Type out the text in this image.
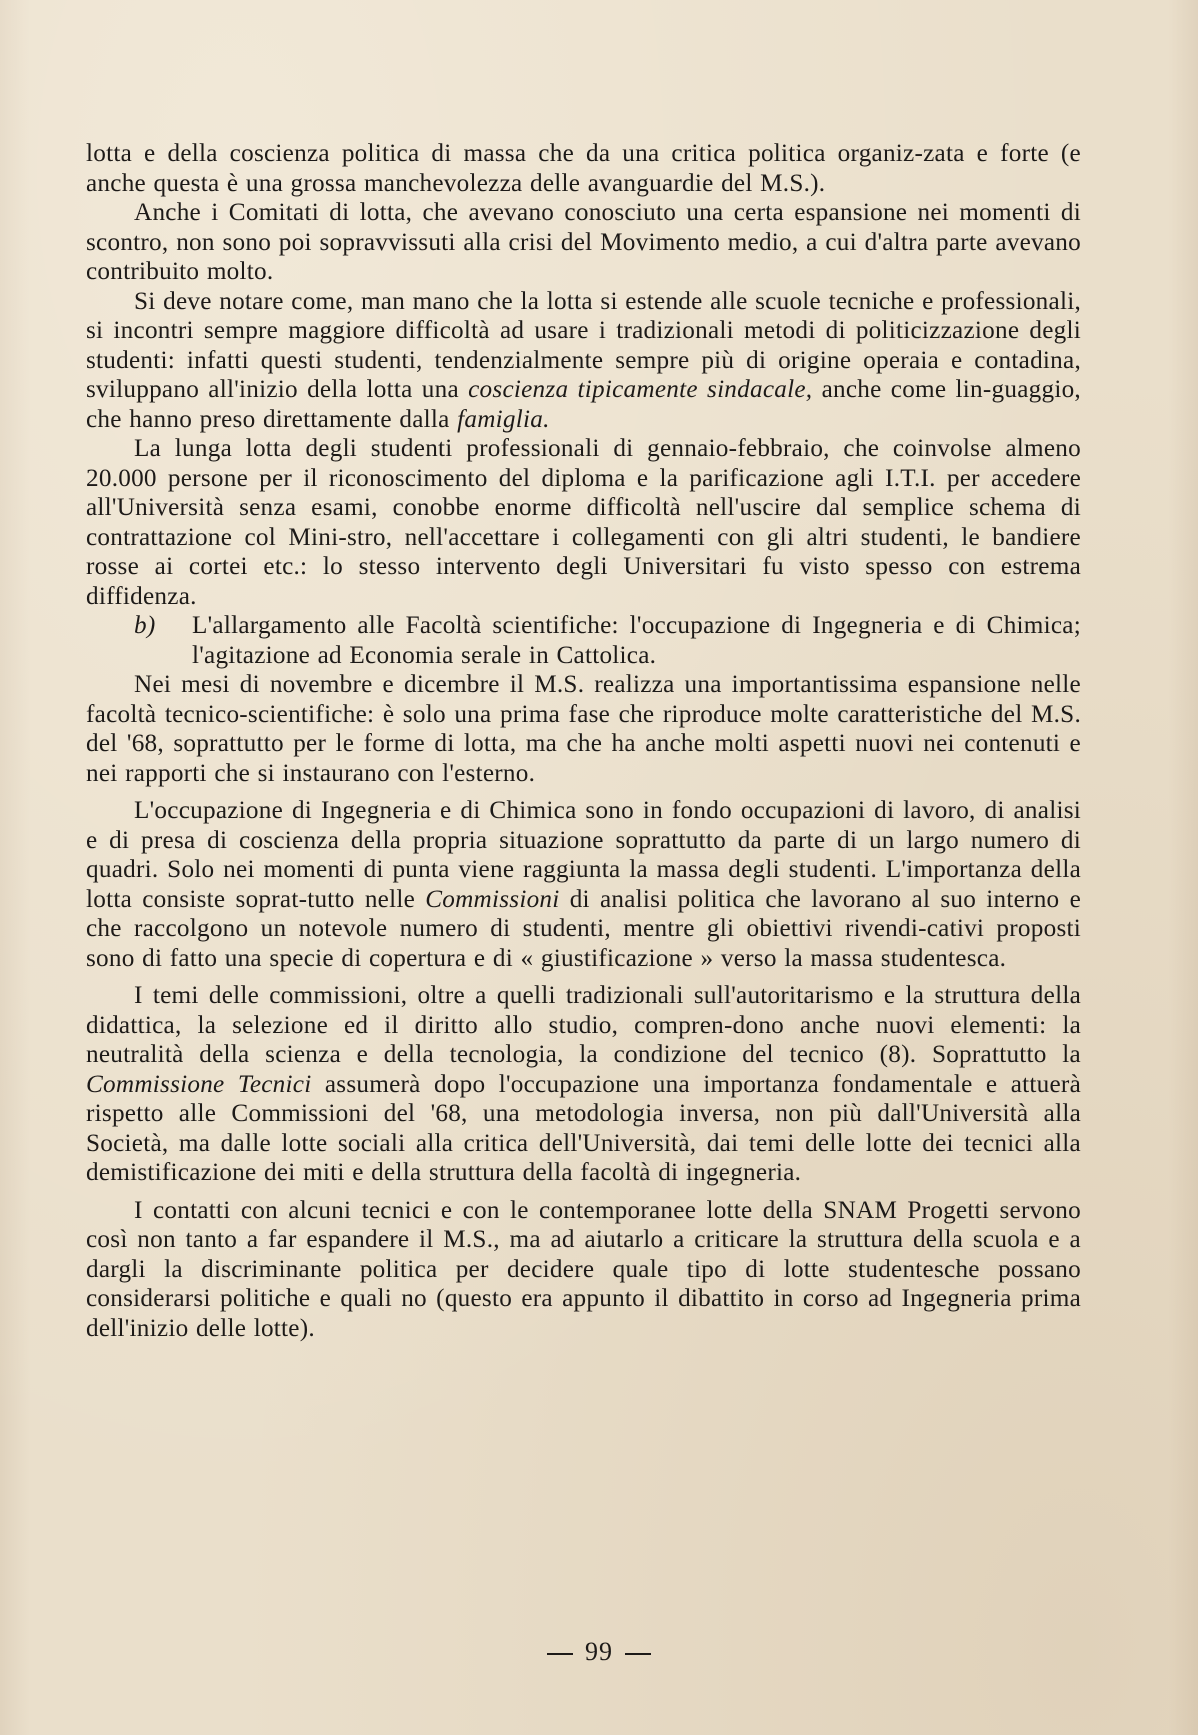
lotta e della coscienza politica di massa che da una critica politica organiz-zata e forte (e anche questa è una grossa manchevolezza delle avanguardie del M.S.).

Anche i Comitati di lotta, che avevano conosciuto una certa espansione nei momenti di scontro, non sono poi sopravvissuti alla crisi del Movimento medio, a cui d'altra parte avevano contribuito molto.

Si deve notare come, man mano che la lotta si estende alle scuole tecniche e professionali, si incontri sempre maggiore difficoltà ad usare i tradizionali metodi di politicizzazione degli studenti: infatti questi studenti, tendenzialmente sempre più di origine operaia e contadina, sviluppano all'inizio della lotta una coscienza tipicamente sindacale, anche come lin-guaggio, che hanno preso direttamente dalla famiglia.

La lunga lotta degli studenti professionali di gennaio-febbraio, che coinvolse almeno 20.000 persone per il riconoscimento del diploma e la parificazione agli I.T.I. per accedere all'Università senza esami, conobbe enorme difficoltà nell'uscire dal semplice schema di contrattazione col Mini-stro, nell'accettare i collegamenti con gli altri studenti, le bandiere rosse ai cortei etc.: lo stesso intervento degli Universitari fu visto spesso con estrema diffidenza.

b) L'allargamento alle Facoltà scientifiche: l'occupazione di Ingegneria e di Chimica; l'agitazione ad Economia serale in Cattolica.

Nei mesi di novembre e dicembre il M.S. realizza una importantissima espansione nelle facoltà tecnico-scientifiche: è solo una prima fase che riproduce molte caratteristiche del M.S. del '68, soprattutto per le forme di lotta, ma che ha anche molti aspetti nuovi nei contenuti e nei rapporti che si instaurano con l'esterno.

L'occupazione di Ingegneria e di Chimica sono in fondo occupazioni di lavoro, di analisi e di presa di coscienza della propria situazione soprattutto da parte di un largo numero di quadri. Solo nei momenti di punta viene raggiunta la massa degli studenti. L'importanza della lotta consiste soprat-tutto nelle Commissioni di analisi politica che lavorano al suo interno e che raccolgono un notevole numero di studenti, mentre gli obiettivi rivendi-cativi proposti sono di fatto una specie di copertura e di « giustificazione » verso la massa studentesca.

I temi delle commissioni, oltre a quelli tradizionali sull'autoritarismo e la struttura della didattica, la selezione ed il diritto allo studio, compren-dono anche nuovi elementi: la neutralità della scienza e della tecnologia, la condizione del tecnico (8). Soprattutto la Commissione Tecnici assumerà dopo l'occupazione una importanza fondamentale e attuerà rispetto alle Commissioni del '68, una metodologia inversa, non più dall'Università alla Società, ma dalle lotte sociali alla critica dell'Università, dai temi delle lotte dei tecnici alla demistificazione dei miti e della struttura della facoltà di ingegneria.

I contatti con alcuni tecnici e con le contemporanee lotte della SNAM Progetti servono così non tanto a far espandere il M.S., ma ad aiutarlo a criticare la struttura della scuola e a dargli la discriminante politica per decidere quale tipo di lotte studentesche possano considerarsi politiche e quali no (questo era appunto il dibattito in corso ad Ingegneria prima dell'inizio delle lotte).

99
